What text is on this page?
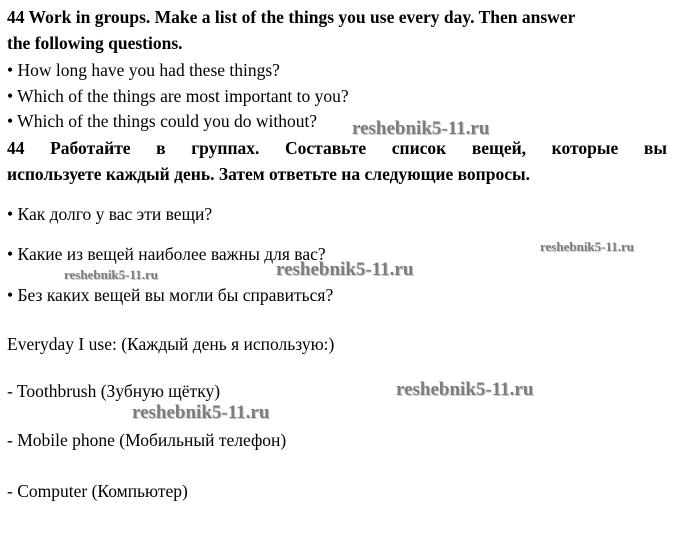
44 Work in groups. Make a list of the things you use every day. Then answer
the following questions.
• How long have you had these things?
• Which of the things are most important to you?
• Which of the things could you do without?
44 Работайте в группах. Составьте список вещей, которые вы
используете каждый день. Затем ответьте на следующие вопросы.
• Как долго у вас эти вещи?
• Какие из вещей наиболее важны для вас?
• Без каких вещей вы могли бы справиться?
Everyday I use: (Каждый день я использую:)
- Toothbrush (Зубную щётку)
- Mobile phone (Мобильный телефон)
- Computer (Компьютер)
reshebnik5-11.ru
reshebnik5-11.ru
reshebnik5-11.ru	reshebnik5-11.ru
reshebnik5-11.ru
reshebnik5-11.ru
